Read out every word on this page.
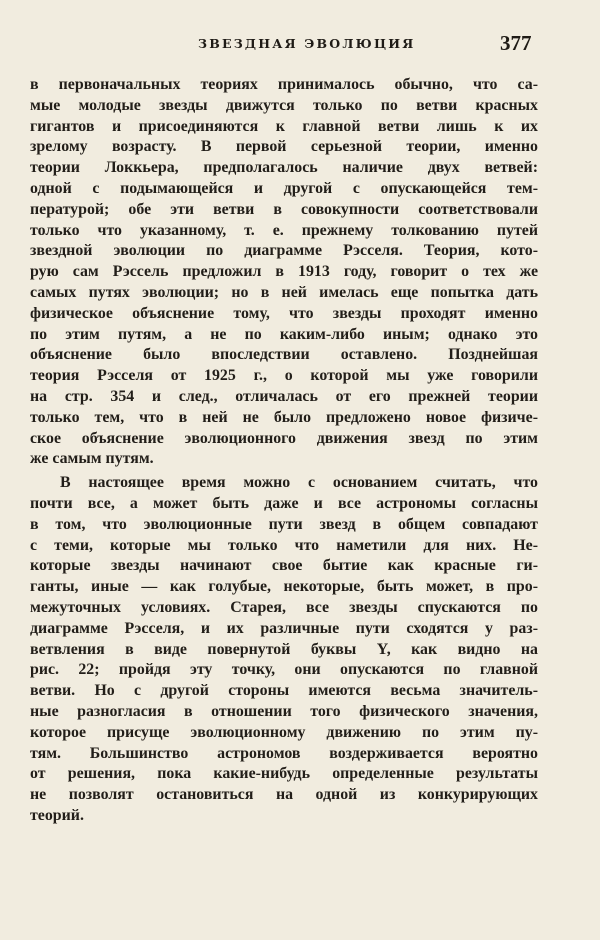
ЗВЕЗДНАЯ ЭВОЛЮЦИЯ	377
в первоначальных теориях принималось обычно, что са-
мые молодые звезды движутся только по ветви красных
гигантов и присоединяются к главной ветви лишь к их
зрелому возрасту. В первой серьезной теории, именно
теории Локкьера, предполагалось наличие двух ветвей:
одной с подымающейся и другой с опускающейся тем-
пературой; обе эти ветви в совокупности соответствовали
только что указанному, т. е. прежнему толкованию путей
звездной эволюции по диаграмме Рэсселя. Теория, кото-
рую сам Рэссель предложил в 1913 году, говорит о тех же
самых путях эволюции; но в ней имелась еще попытка дать
физическое объяснение тому, что звезды проходят именно
по этим путям, а не по каким-либо иным; однако это
объяснение было впоследствии оставлено. Позднейшая
теория Рэсселя от 1925 г., о которой мы уже говорили
на стр. 354 и след., отличалась от его прежней теории
только тем, что в ней не было предложено новое физиче-
ское объяснение эволюционного движения звезд по этим
же самым путям.
В настоящее время можно с основанием считать, что
почти все, а может быть даже и все астрономы согласны
в том, что эволюционные пути звезд в общем совпадают
с теми, которые мы только что наметили для них. Не-
которые звезды начинают свое бытие как красные ги-
ганты, иные — как голубые, некоторые, быть может, в про-
межуточных условиях. Старея, все звезды спускаются по
диаграмме Рэсселя, и их различные пути сходятся у раз-
ветвления в виде повернутой буквы Y, как видно на
рис. 22; пройдя эту точку, они опускаются по главной
ветви. Но с другой стороны имеются весьма значитель-
ные разногласия в отношении того физического значения,
которое присуще эволюционному движению по этим пу-
тям. Большинство астрономов воздерживается вероятно
от решения, пока какие-нибудь определенные результаты
не позволят остановиться на одной из конкурирующих
теорий.
